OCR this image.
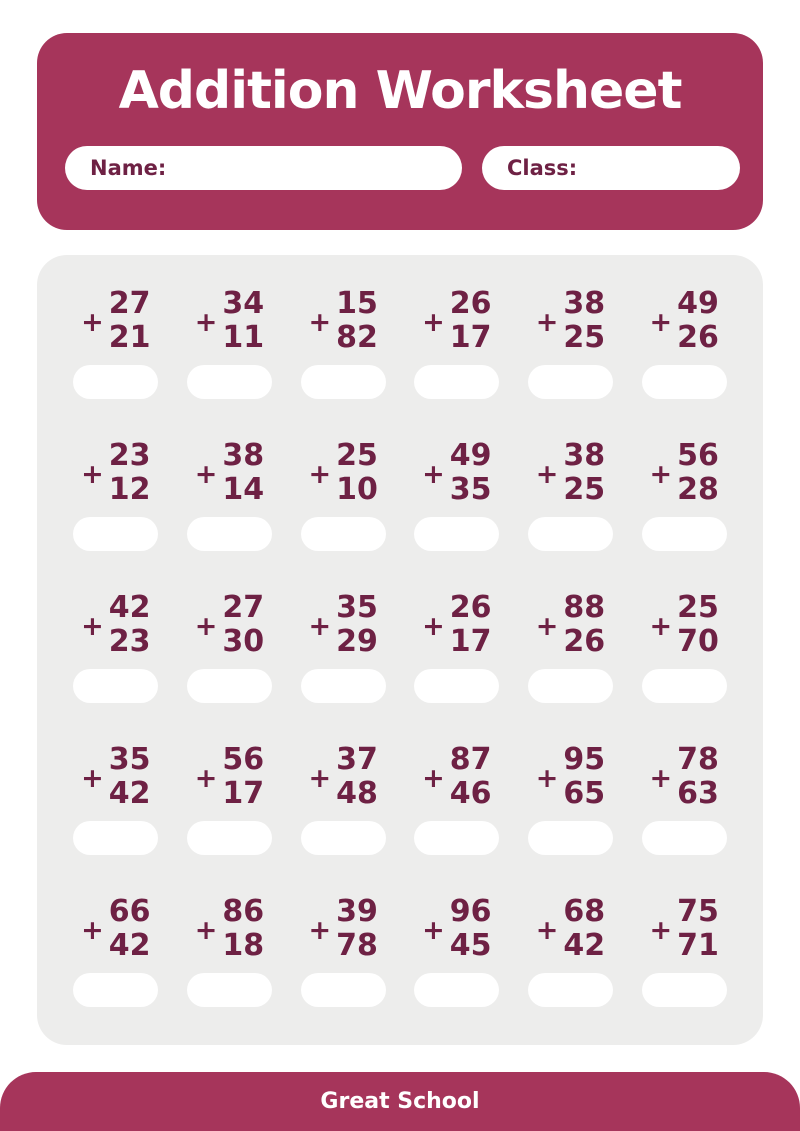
Addition Worksheet
Name:	Class:
+
27
21 +
34
11 +
15
82 +
26
17 +
38
25 +
49
26
+
23
12 +
38
14 +
25
10 +
49
35 +
38
25 +
56
28
+
42
23 +
27
30 +
35
29 +
26
17 +
88
26 +
25
70
+
35
42 +
56
17 +
37
48 +
87
46 +
95
65 +
78
63
+
66
42 +
86
18 +
39
78 +
96
45 +
68
42 +
75
71
Great School
